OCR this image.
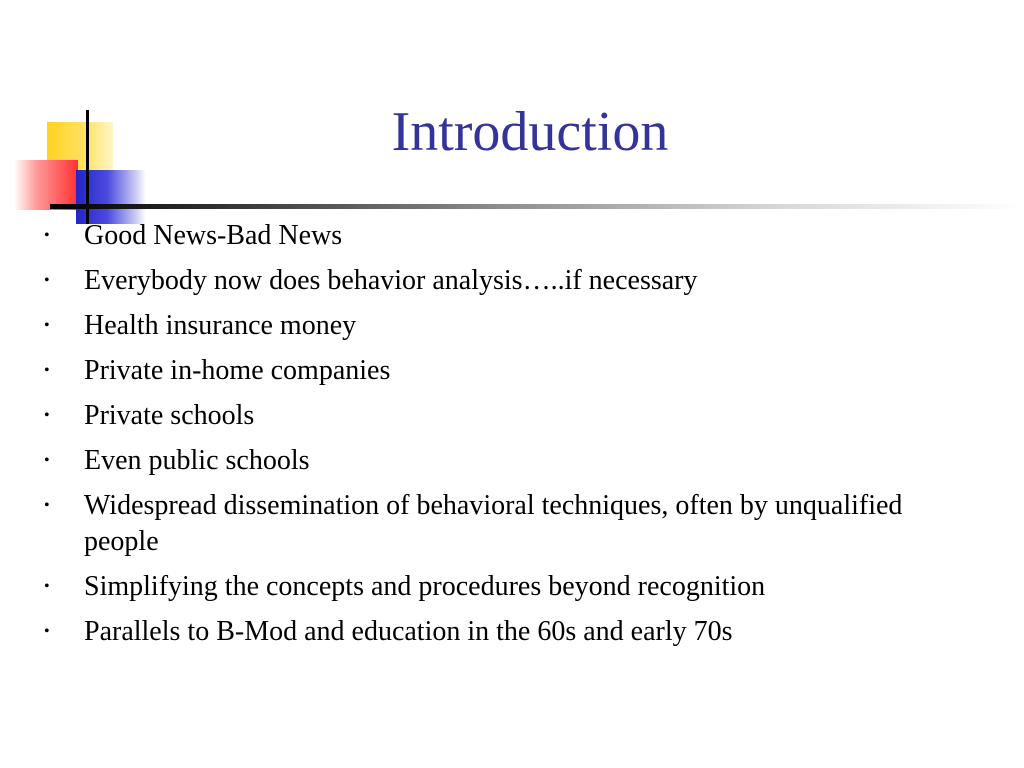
Introduction
• Good News-Bad News
• Everybody now does behavior analysis…..if necessary
• Health insurance money
• Private in-home companies
• Private schools
• Even public schools
• Widespread dissemination of behavioral techniques, often by unqualified people
• Simplifying the concepts and procedures beyond recognition
• Parallels to B-Mod and education in the 60s and early 70s
